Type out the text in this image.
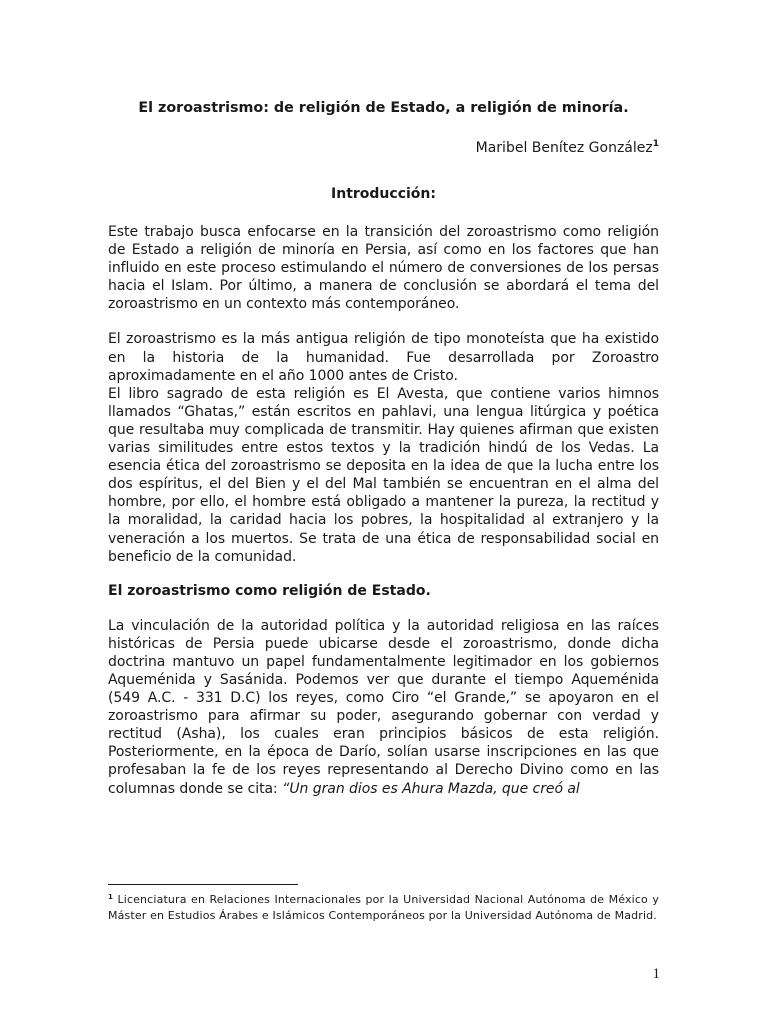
El zoroastrismo: de religión de Estado, a religión de minoría.
Maribel Benítez González$^1$
Introducción:

Este trabajo busca enfocarse en la transición del zoroastrismo como religión de Estado a religión de minoría en Persia, así como en los factores que han influido en este proceso estimulando el número de conversiones de los persas hacia el Islam. Por último, a manera de conclusión se abordará el tema del zoroastrismo en un contexto más contemporáneo.

El zoroastrismo es la más antigua religión de tipo monoteísta que ha existido en la historia de la humanidad. Fue desarrollada por Zoroastro aproximadamente en el año 1000 antes de Cristo.

El libro sagrado de esta religión es El Avesta, que contiene varios himnos llamados “Ghatas,” están escritos en pahlavi, una lengua litúrgica y poética que resultaba muy complicada de transmitir. Hay quienes afirman que existen varias similitudes entre estos textos y la tradición hindú de los Vedas. La esencia ética del zoroastrismo se deposita en la idea de que la lucha entre los dos espíritus, el del Bien y el del Mal también se encuentran en el alma del hombre, por ello, el hombre está obligado a mantener la pureza, la rectitud y la moralidad, la caridad hacia los pobres, la hospitalidad al extranjero y la veneración a los muertos. Se trata de una ética de responsabilidad social en beneficio de la comunidad.

El zoroastrismo como religión de Estado.

La vinculación de la autoridad política y la autoridad religiosa en las raíces históricas de Persia puede ubicarse desde el zoroastrismo, donde dicha doctrina mantuvo un papel fundamentalmente legitimador en los gobiernos Aqueménida y Sasánida. Podemos ver que durante el tiempo Aqueménida (549 A.C. - 331 D.C) los reyes, como Ciro “el Grande,” se apoyaron en el zoroastrismo para afirmar su poder, asegurando gobernar con verdad y rectitud (Asha), los cuales eran principios básicos de esta religión. Posteriormente, en la época de Darío, solían usarse inscripciones en las que profesaban la fe de los reyes representando al Derecho Divino como en las columnas donde se cita: “Un gran dios es Ahura Mazda, que creó al

$^1$ Licenciatura en Relaciones Internacionales por la Universidad Nacional Autónoma de México y Máster en Estudios Árabes e Islámicos Contemporáneos por la Universidad Autónoma de Madrid.
1
